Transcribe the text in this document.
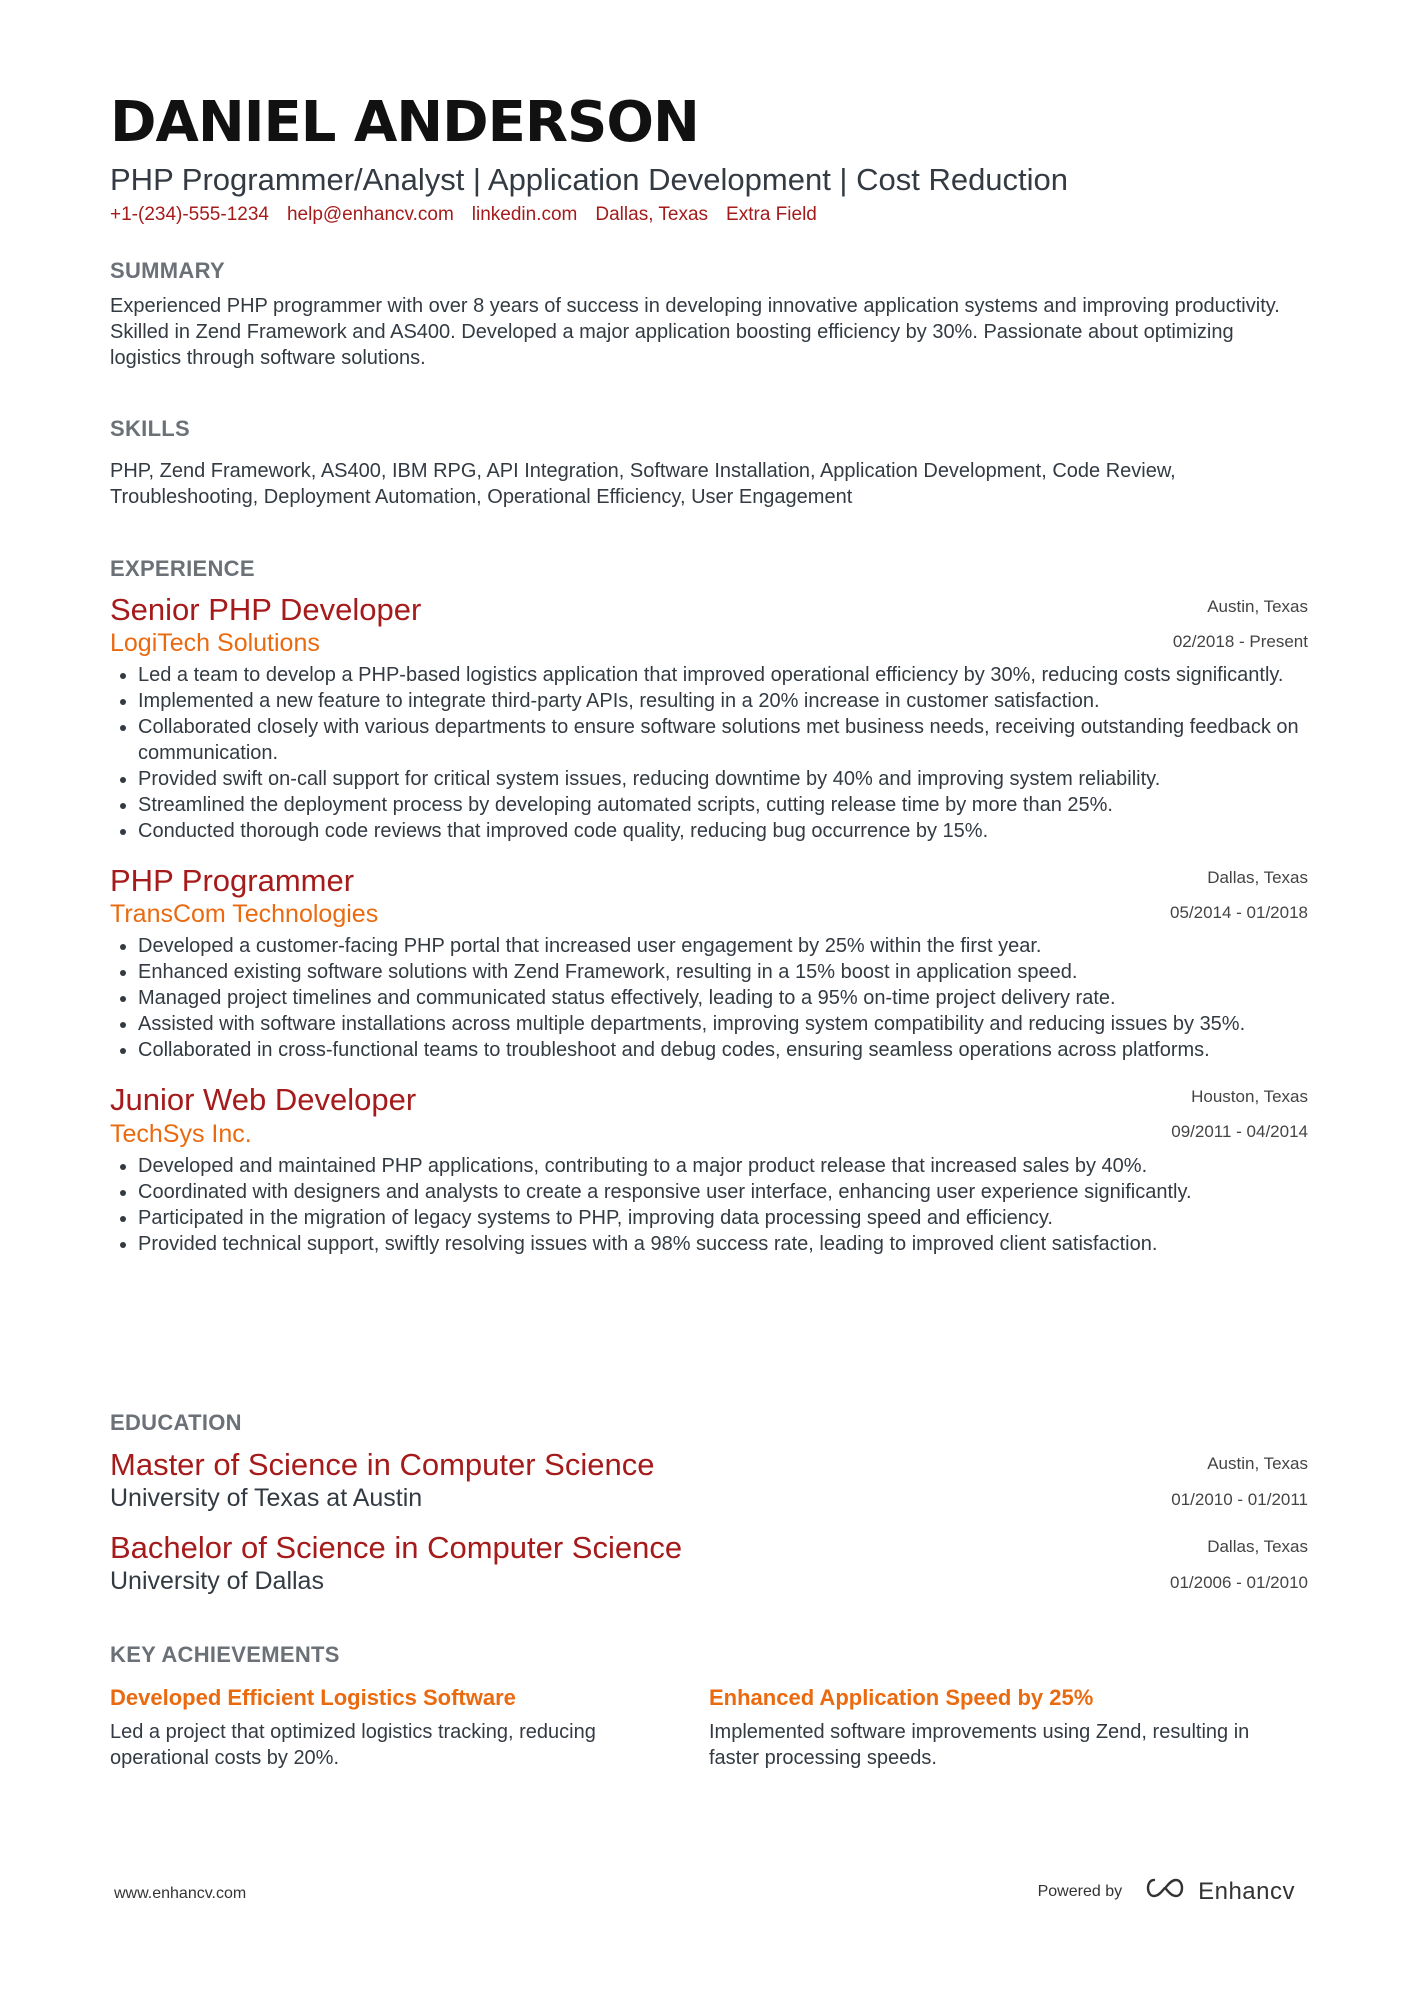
DANIEL ANDERSON
PHP Programmer/Analyst | Application Development | Cost Reduction
+1-(234)-555-1234 help@enhancv.com linkedin.com Dallas, Texas Extra Field
SUMMARY
Experienced PHP programmer with over 8 years of success in developing innovative application systems and improving productivity. Skilled in Zend Framework and AS400. Developed a major application boosting efficiency by 30%. Passionate about optimizing logistics through software solutions.
SKILLS
PHP, Zend Framework, AS400, IBM RPG, API Integration, Software Installation, Application Development, Code Review, Troubleshooting, Deployment Automation, Operational Efficiency, User Engagement
EXPERIENCE
Austin, Texas
02/2018 - Present
Senior PHP Developer
LogiTech Solutions
• Led a team to develop a PHP-based logistics application that improved operational efficiency by 30%, reducing costs significantly.
• Implemented a new feature to integrate third-party APIs, resulting in a 20% increase in customer satisfaction.
• Collaborated closely with various departments to ensure software solutions met business needs, receiving outstanding feedback on communication.
• Provided swift on-call support for critical system issues, reducing downtime by 40% and improving system reliability.
• Streamlined the deployment process by developing automated scripts, cutting release time by more than 25%.
• Conducted thorough code reviews that improved code quality, reducing bug occurrence by 15%.
Dallas, Texas
05/2014 - 01/2018
PHP Programmer
TransCom Technologies
• Developed a customer-facing PHP portal that increased user engagement by 25% within the first year.
• Enhanced existing software solutions with Zend Framework, resulting in a 15% boost in application speed.
• Managed project timelines and communicated status effectively, leading to a 95% on-time project delivery rate.
• Assisted with software installations across multiple departments, improving system compatibility and reducing issues by 35%.
• Collaborated in cross-functional teams to troubleshoot and debug codes, ensuring seamless operations across platforms.
Houston, Texas
09/2011 - 04/2014
Junior Web Developer
TechSys Inc.
• Developed and maintained PHP applications, contributing to a major product release that increased sales by 40%.
• Coordinated with designers and analysts to create a responsive user interface, enhancing user experience significantly.
• Participated in the migration of legacy systems to PHP, improving data processing speed and efficiency.
• Provided technical support, swiftly resolving issues with a 98% success rate, leading to improved client satisfaction.
EDUCATION
Austin, Texas
01/2010 - 01/2011
Master of Science in Computer Science
University of Texas at Austin
Dallas, Texas
01/2006 - 01/2010
Bachelor of Science in Computer Science
University of Dallas
KEY ACHIEVEMENTS
Developed Efficient Logistics Software
Led a project that optimized logistics tracking, reducing operational costs by 20%.
Enhanced Application Speed by 25%
Implemented software improvements using Zend, resulting in faster processing speeds.
www.enhancv.com	Powered by	Enhancv
